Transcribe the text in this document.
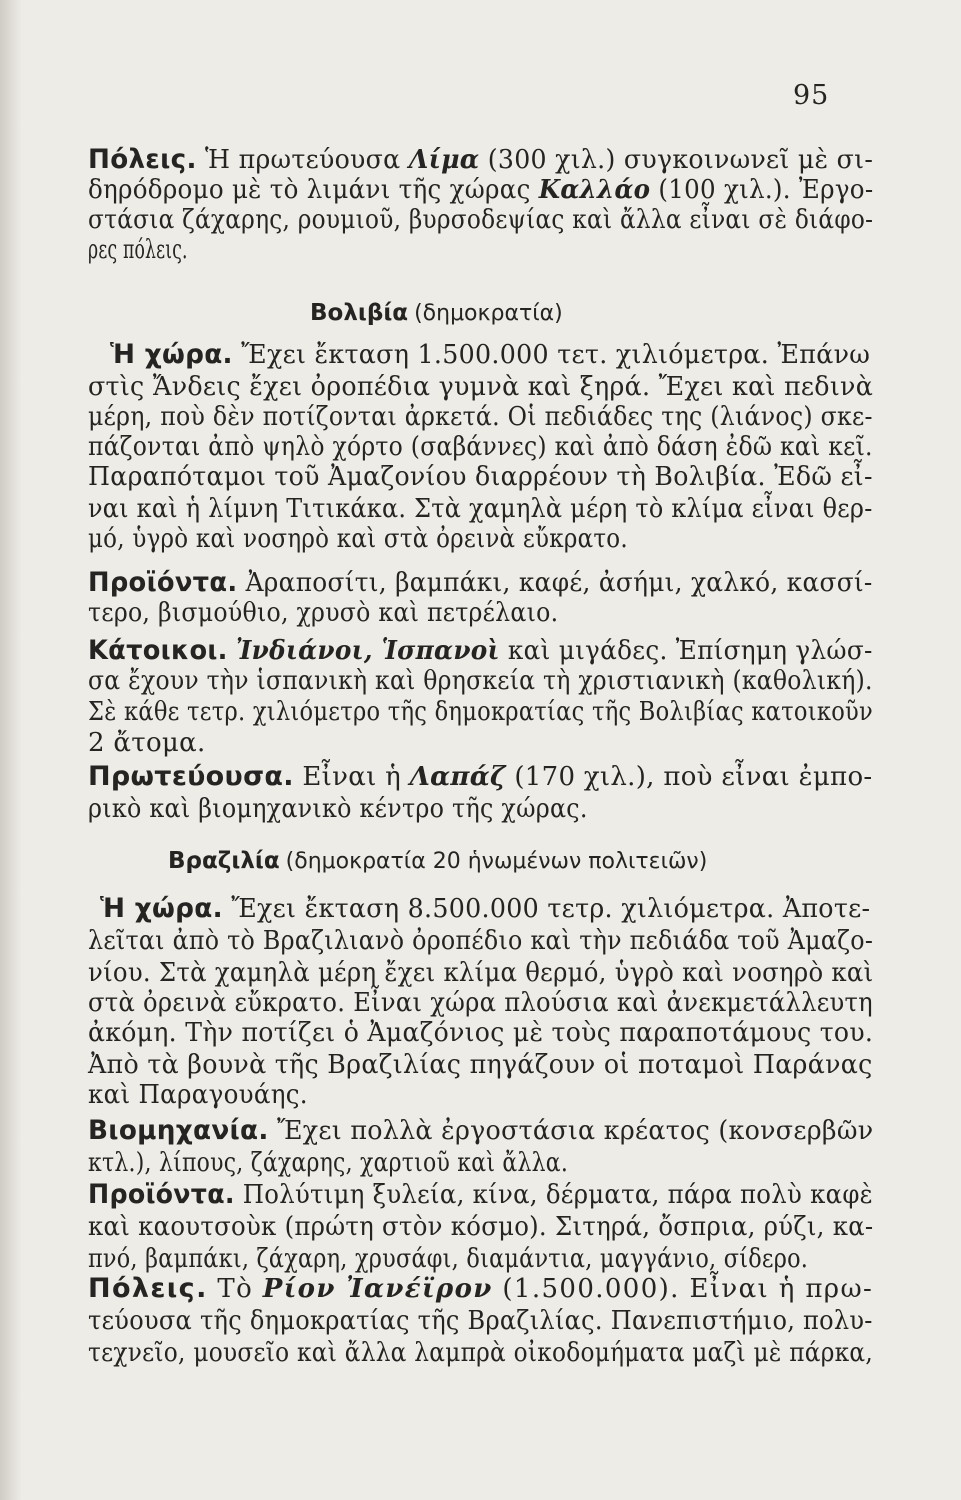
95
Βολιβία (δημοκρατία)
Βραζιλία (δημοκρατία 20 ἡνωμένων πολιτειῶν)
Πόλεις. Ἡ πρωτεύουσα Λίμα (300 χιλ.) συγκοινωνεῖ μὲ σι-
δηρόδρομο μὲ τὸ λιμάνι τῆς χώρας Καλλάο (100 χιλ.). Ἐργο-
στάσια ζάχαρης, ρουμιοῦ, βυρσοδεψίας καὶ ἄλλα εἶναι σὲ διάφο-
ρες πόλεις.
Ἡ χώρα. Ἔχει ἔκταση 1.500.000 τετ. χιλιόμετρα. Ἐπάνω
στὶς Ἄνδεις ἔχει ὀροπέδια γυμνὰ καὶ ξηρά. Ἔχει καὶ πεδινὰ
μέρη, ποὺ δὲν ποτίζονται ἀρκετά. Οἱ πεδιάδες της (λιάνος) σκε-
πάζονται ἀπὸ ψηλὸ χόρτο (σαβάννες) καὶ ἀπὸ δάση ἐδῶ καὶ κεῖ.
Παραπόταμοι τοῦ Ἀμαζονίου διαρρέουν τὴ Βολιβία. Ἐδῶ εἶ-
ναι καὶ ἡ λίμνη Τιτικάκα. Στὰ χαμηλὰ μέρη τὸ κλίμα εἶναι θερ-
μό, ὑγρὸ καὶ νοσηρὸ καὶ στὰ ὀρεινὰ εὔκρατο.
Προϊόντα. Ἀραποσίτι, βαμπάκι, καφέ, ἀσήμι, χαλκό, κασσί-
τερο, βισμούθιο, χρυσὸ καὶ πετρέλαιο.
Κάτοικοι. Ἰνδιάνοι, Ἱσπανοὶ καὶ μιγάδες. Ἐπίσημη γλώσ-
σα ἔχουν τὴν ἱσπανικὴ καὶ θρησκεία τὴ χριστιανικὴ (καθολική).
Σὲ κάθε τετρ. χιλιόμετρο τῆς δημοκρατίας τῆς Βολιβίας κατοικοῦν
2 ἄτομα.
Πρωτεύουσα. Εἶναι ἡ Λαπάζ (170 χιλ.), ποὺ εἶναι ἐμπο-
ρικὸ καὶ βιομηχανικὸ κέντρο τῆς χώρας.
Ἡ χώρα. Ἔχει ἔκταση 8.500.000 τετρ. χιλιόμετρα. Ἀποτε-
λεῖται ἀπὸ τὸ Βραζιλιανὸ ὀροπέδιο καὶ τὴν πεδιάδα τοῦ Ἀμαζο-
νίου. Στὰ χαμηλὰ μέρη ἔχει κλίμα θερμό, ὑγρὸ καὶ νοσηρὸ καὶ
στὰ ὀρεινὰ εὔκρατο. Εἶναι χώρα πλούσια καὶ ἀνεκμετάλλευτη
ἀκόμη. Τὴν ποτίζει ὁ Ἀμαζόνιος μὲ τοὺς παραποτάμους του.
Ἀπὸ τὰ βουνὰ τῆς Βραζιλίας πηγάζουν οἱ ποταμοὶ Παράνας
καὶ Παραγουάης.
Βιομηχανία. Ἔχει πολλὰ ἐργοστάσια κρέατος (κονσερβῶν
κτλ.), λίπους, ζάχαρης, χαρτιοῦ καὶ ἄλλα.
Προϊόντα. Πολύτιμη ξυλεία, κίνα, δέρματα, πάρα πολὺ καφὲ
καὶ καουτσοὺκ (πρώτη στὸν κόσμο). Σιτηρά, ὄσπρια, ρύζι, κα-
πνό, βαμπάκι, ζάχαρη, χρυσάφι, διαμάντια, μαγγάνιο, σίδερο.
Πόλεις. Τὸ Ρίον Ἰανέϊρον (1.500.000). Εἶναι ἡ πρω-
τεύουσα τῆς δημοκρατίας τῆς Βραζιλίας. Πανεπιστήμιο, πολυ-
τεχνεῖο, μουσεῖο καὶ ἄλλα λαμπρὰ οἰκοδομήματα μαζὶ μὲ πάρκα,
